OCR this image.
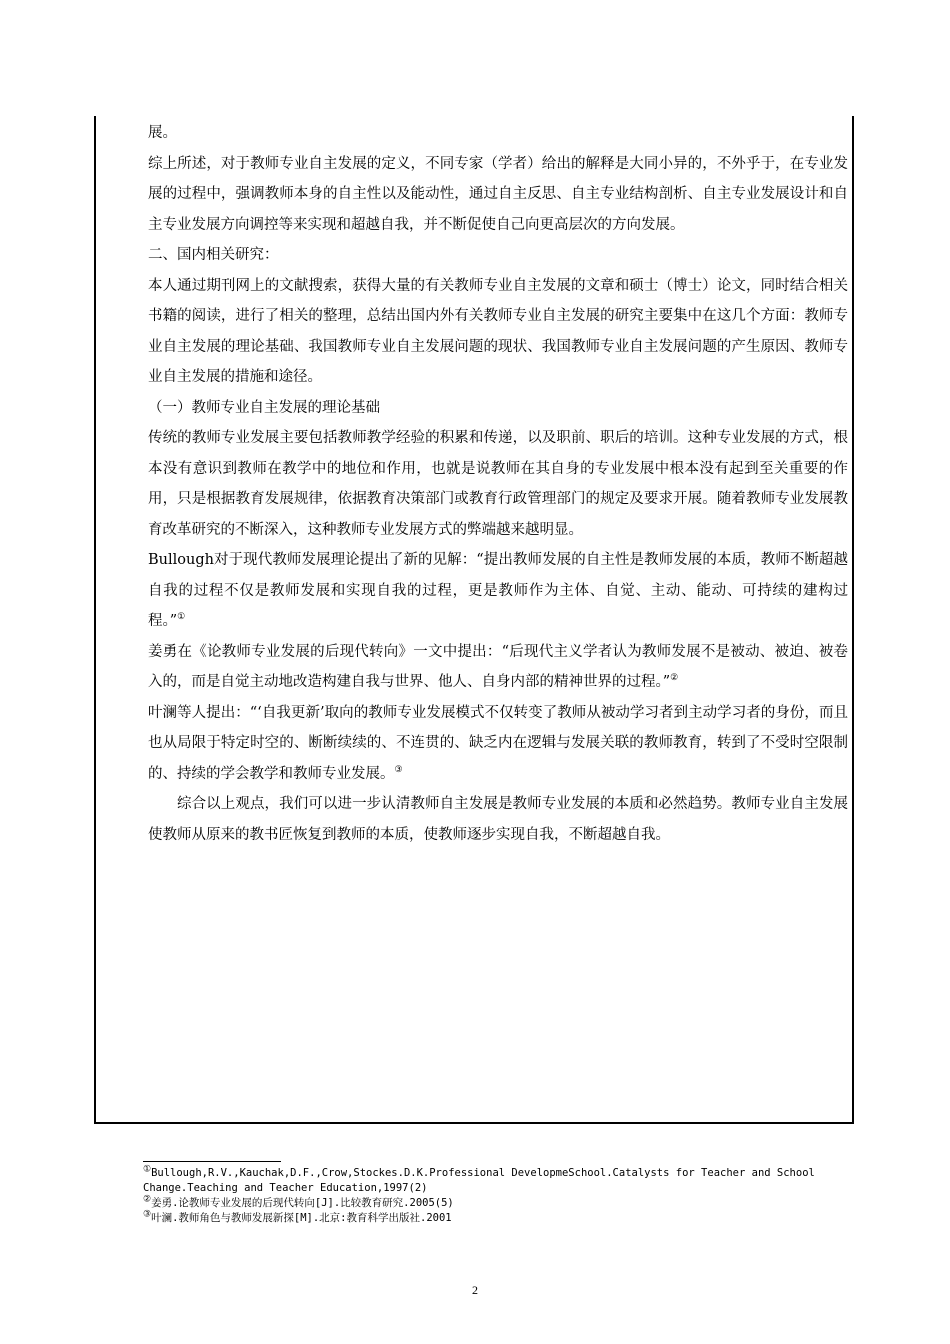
展。

综上所述，对于教师专业自主发展的定义，不同专家（学者）给出的解释是大同小异的，不外乎于，在专业发展的过程中，强调教师本身的自主性以及能动性，通过自主反思、自主专业结构剖析、自主专业发展设计和自主专业发展方向调控等来实现和超越自我，并不断促使自己向更高层次的方向发展。

二、国内相关研究：

本人通过期刊网上的文献搜索，获得大量的有关教师专业自主发展的文章和硕士（博士）论文，同时结合相关书籍的阅读，进行了相关的整理，总结出国内外有关教师专业自主发展的研究主要集中在这几个方面：教师专业自主发展的理论基础、我国教师专业自主发展问题的现状、我国教师专业自主发展问题的产生原因、教师专业自主发展的措施和途径。

（一）教师专业自主发展的理论基础

传统的教师专业发展主要包括教师教学经验的积累和传递，以及职前、职后的培训。这种专业发展的方式，根本没有意识到教师在教学中的地位和作用，也就是说教师在其自身的专业发展中根本没有起到至关重要的作用，只是根据教育发展规律，依据教育决策部门或教育行政管理部门的规定及要求开展。随着教师专业发展教育改革研究的不断深入，这种教师专业发展方式的弊端越来越明显。

Bullough对于现代教师发展理论提出了新的见解：“提出教师发展的自主性是教师发展的本质，教师不断超越自我的过程不仅是教师发展和实现自我的过程，更是教师作为主体、自觉、主动、能动、可持续的建构过程。”①

姜勇在《论教师专业发展的后现代转向》一文中提出：“后现代主义学者认为教师发展不是被动、被迫、被卷入的，而是自觉主动地改造构建自我与世界、他人、自身内部的精神世界的过程。”②

叶澜等人提出：“‘自我更新’取向的教师专业发展模式不仅转变了教师从被动学习者到主动学习者的身份，而且也从局限于特定时空的、断断续续的、不连贯的、缺乏内在逻辑与发展关联的教师教育，转到了不受时空限制的、持续的学会教学和教师专业发展。③

综合以上观点，我们可以进一步认清教师自主发展是教师专业发展的本质和必然趋势。教师专业自主发展使教师从原来的教书匠恢复到教师的本质，使教师逐步实现自我，不断超越自我。

①Bullough,R.V.,Kauchak,D.F.,Crow,Stockes.D.K.Professional DevelopmeSchool.Catalysts for Teacher and School Change.Teaching and Teacher Education,1997(2)

②姜勇.论教师专业发展的后现代转向[J].比较教育研究.2005(5)

③叶澜.教师角色与教师发展新探[M].北京:教育科学出版社.2001

2
